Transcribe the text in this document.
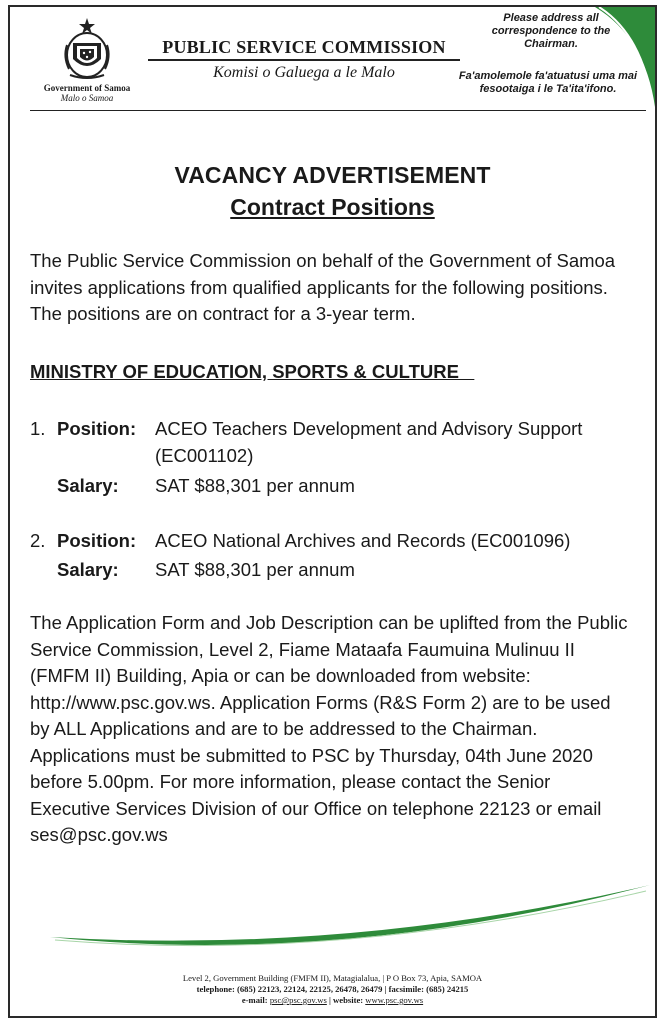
Government of Samoa
Malo o Samoa
PUBLIC SERVICE COMMISSION
Komisi o Galuega a le Malo
Please address all correspondence to the Chairman.
Fa'amolemole fa'atuatusi uma mai fesootaiga i le Ta'ita'ifono.
VACANCY ADVERTISEMENT
Contract Positions
The Public Service Commission on behalf of the Government of Samoa invites applications from qualified applicants for the following positions. The positions are on contract for a 3-year term.
MINISTRY OF EDUCATION, SPORTS & CULTURE
1. Position:	ACEO Teachers Development and Advisory Support (EC001102)
Salary:	SAT $88,301 per annum
2. Position:	ACEO National Archives and Records (EC001096)
Salary:	SAT $88,301 per annum
The Application Form and Job Description can be uplifted from the Public Service Commission, Level 2, Fiame Mataafa Faumuina Mulinuu II (FMFM II) Building, Apia or can be downloaded from website: http://www.psc.gov.ws. Application Forms (R&S Form 2) are to be used by ALL Applications and are to be addressed to the Chairman. Applications must be submitted to PSC by Thursday, 04th June 2020 before 5.00pm. For more information, please contact the Senior Executive Services Division of our Office on telephone 22123 or email ses@psc.gov.ws
Level 2, Government Building (FMFM II), Matagialalua, | P O Box 73, Apia, SAMOA
telephone: (685) 22123, 22124, 22125, 26478, 26479 | facsimile: (685) 24215
e-mail: psc@psc.gov.ws | website: www.psc.gov.ws
